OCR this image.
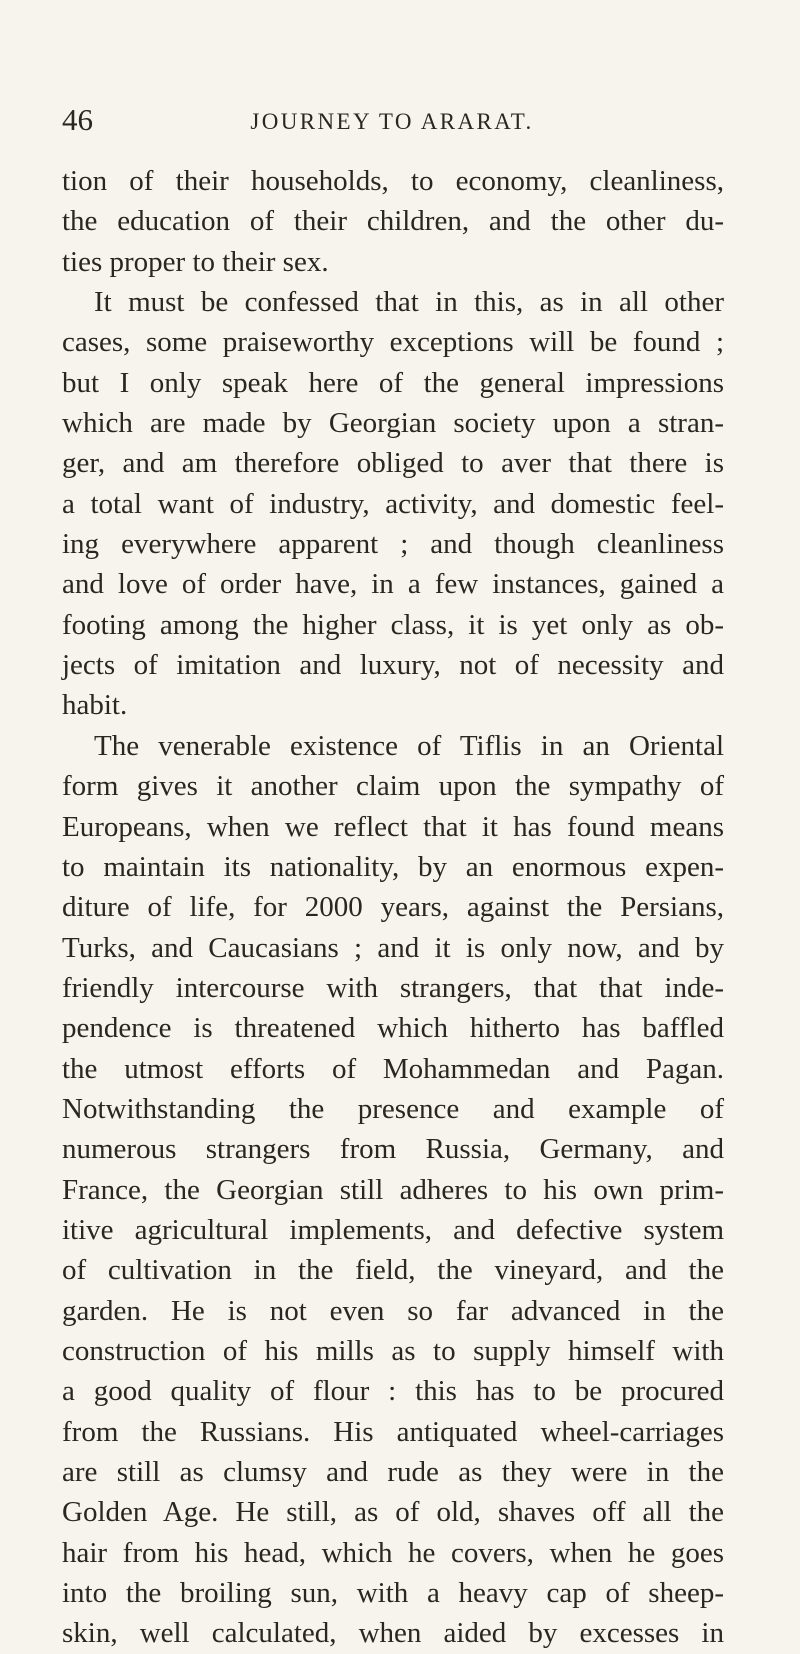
46	JOURNEY TO ARARAT.
tion of their households, to economy, cleanliness,
the education of their children, and the other du-
ties proper to their sex.
It must be confessed that in this, as in all other
cases, some praiseworthy exceptions will be found ;
but I only speak here of the general impressions
which are made by Georgian society upon a stran-
ger, and am therefore obliged to aver that there is
a total want of industry, activity, and domestic feel-
ing everywhere apparent ; and though cleanliness
and love of order have, in a few instances, gained a
footing among the higher class, it is yet only as ob-
jects of imitation and luxury, not of necessity and
habit.
The venerable existence of Tiflis in an Oriental
form gives it another claim upon the sympathy of
Europeans, when we reflect that it has found means
to maintain its nationality, by an enormous expen-
diture of life, for 2000 years, against the Persians,
Turks, and Caucasians ; and it is only now, and by
friendly intercourse with strangers, that that inde-
pendence is threatened which hitherto has baffled
the utmost efforts of Mohammedan and Pagan.
Notwithstanding the presence and example of
numerous strangers from Russia, Germany, and
France, the Georgian still adheres to his own prim-
itive agricultural implements, and defective system
of cultivation in the field, the vineyard, and the
garden. He is not even so far advanced in the
construction of his mills as to supply himself with
a good quality of flour : this has to be procured
from the Russians. His antiquated wheel-carriages
are still as clumsy and rude as they were in the
Golden Age. He still, as of old, shaves off all the
hair from his head, which he covers, when he goes
into the broiling sun, with a heavy cap of sheep-
skin, well calculated, when aided by excesses in
